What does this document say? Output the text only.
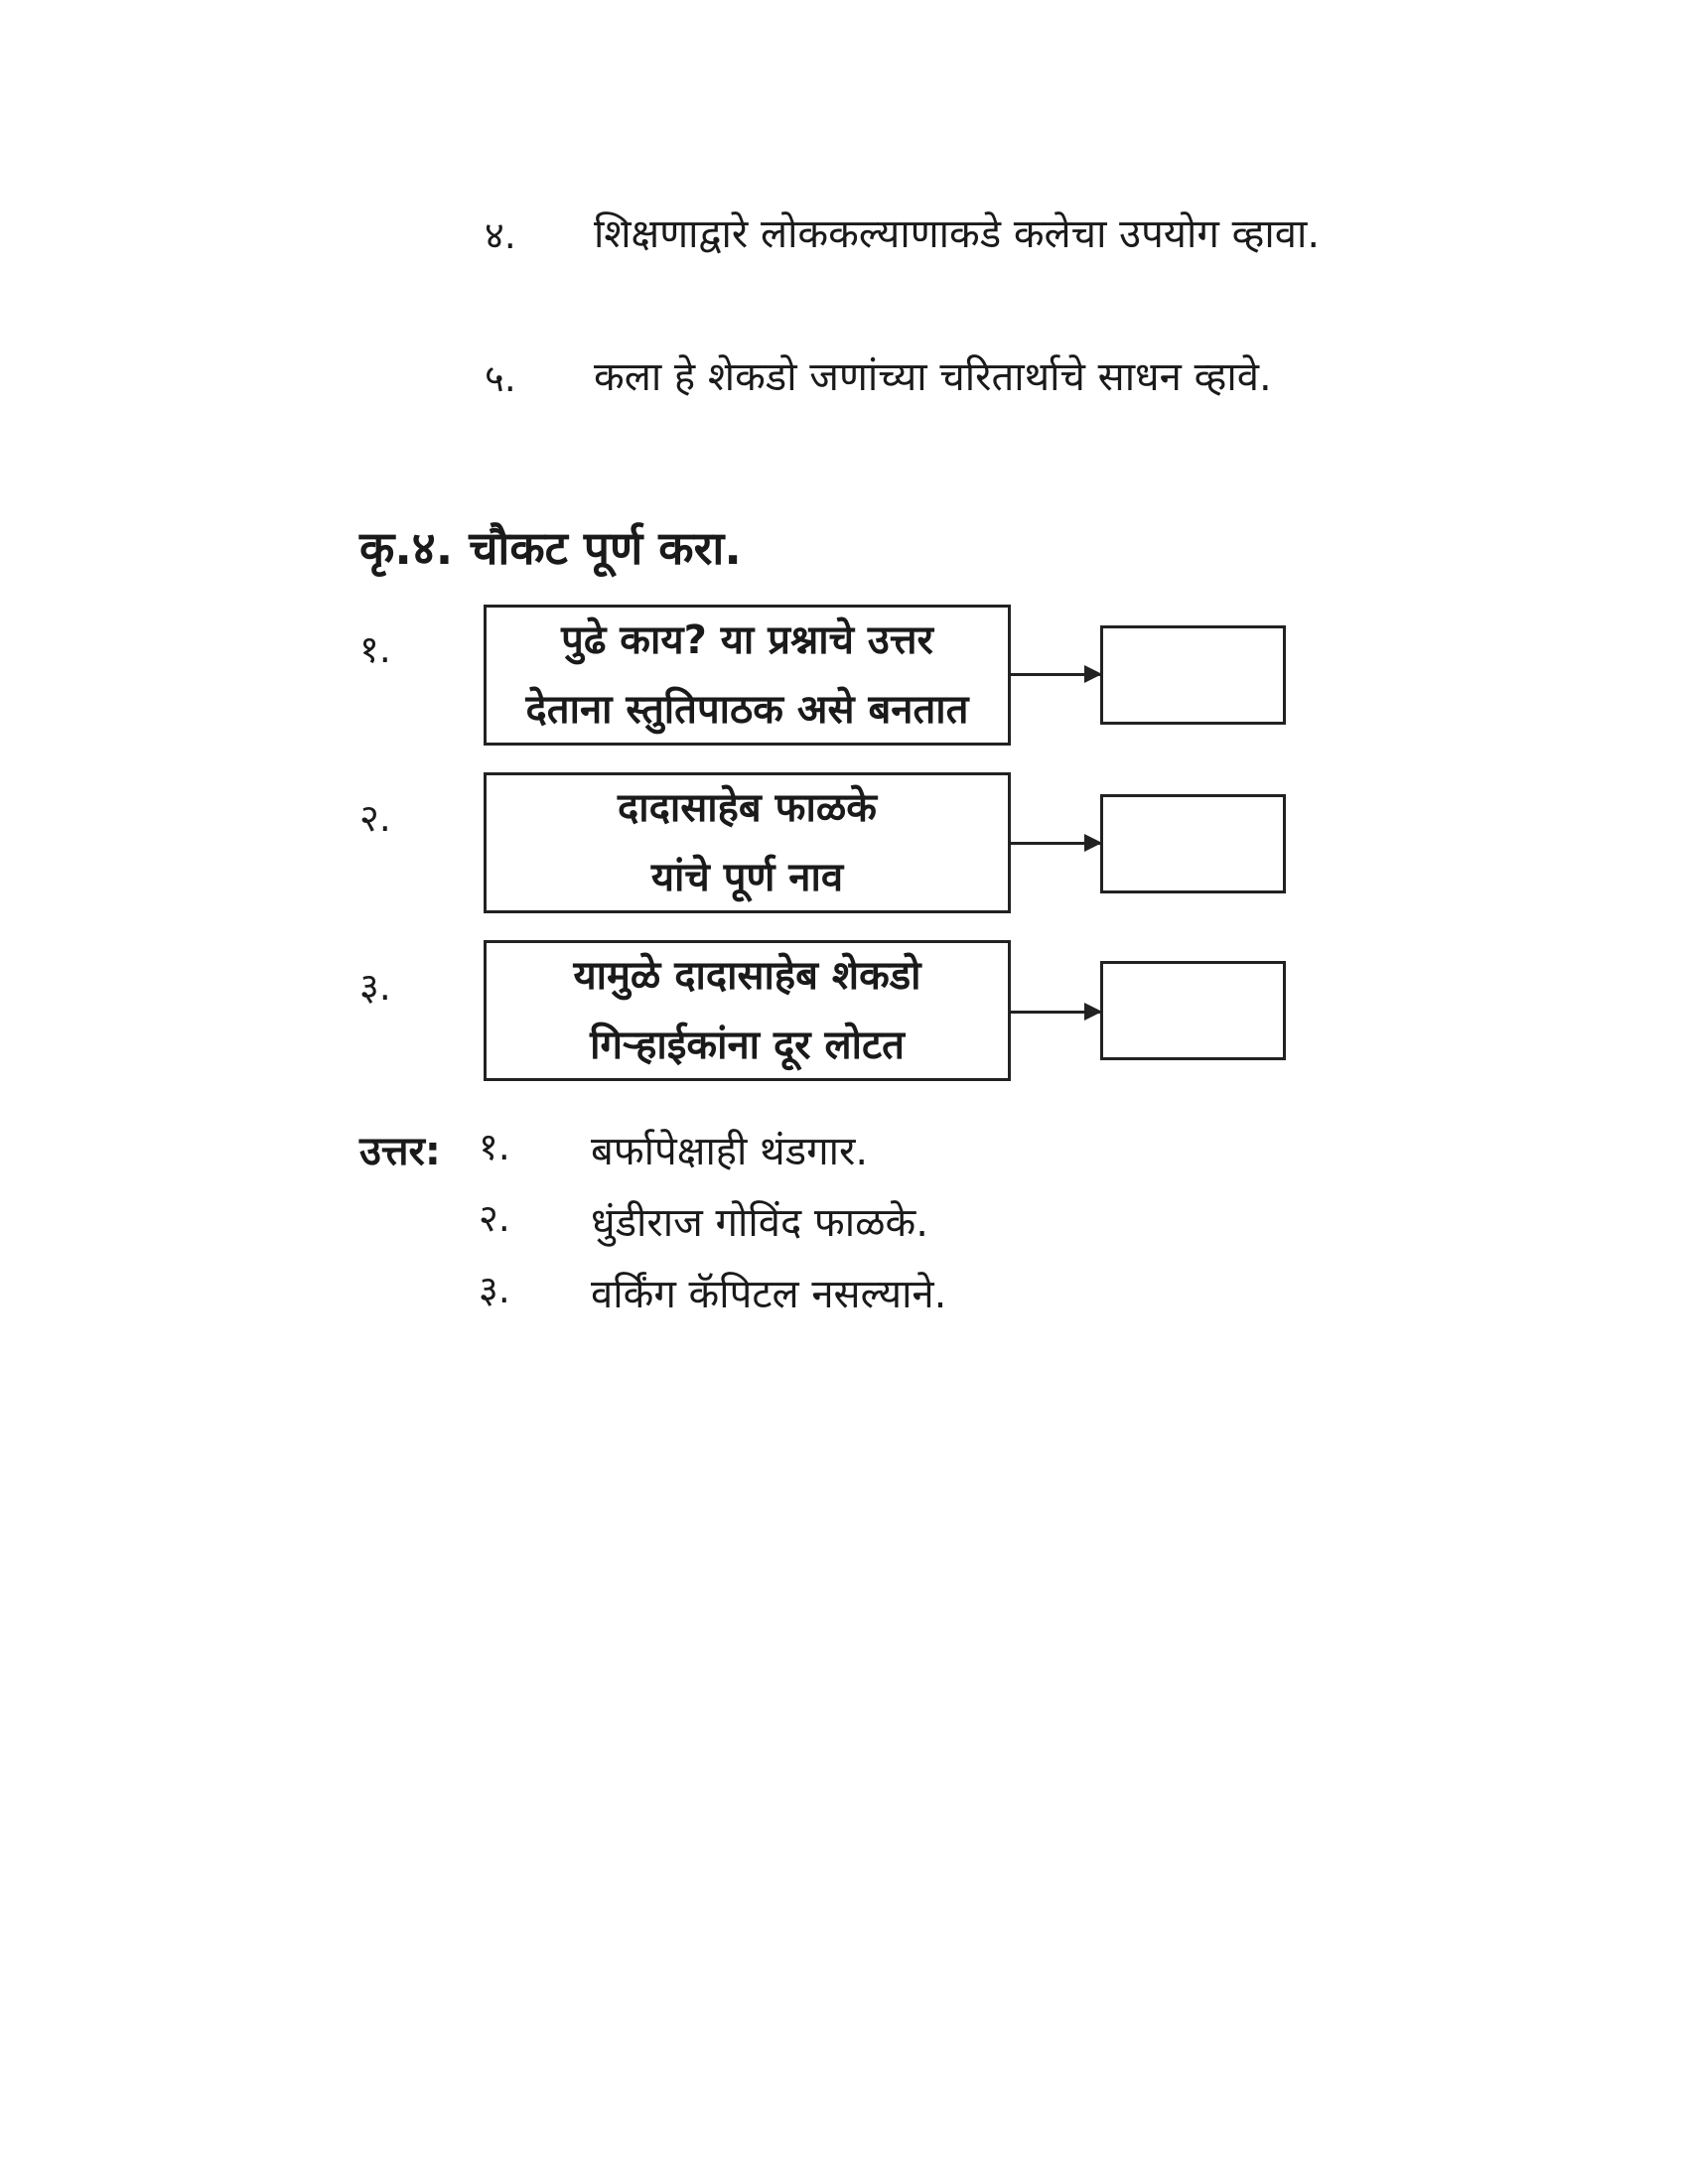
४. शिक्षणाद्वारे लोककल्याणाकडे कलेचा उपयोग व्हावा.
५. कला हे शेकडो जणांच्या चरितार्थाचे साधन व्हावे.
कृ.४. चौकट पूर्ण करा.
१.	पुढे काय? या प्रश्नाचे उत्तर
देताना स्तुतिपाठक असे बनतात
२.	दादासाहेब फाळके
यांचे पूर्ण नाव
३.	यामुळे दादासाहेब शेकडो
गिऱ्हाईकांना दूर लोटत
उत्तर: १. बर्फापेक्षाही थंडगार.
२. धुंडीराज गोविंद फाळके.
३. वर्किंग कॅपिटल नसल्याने.
